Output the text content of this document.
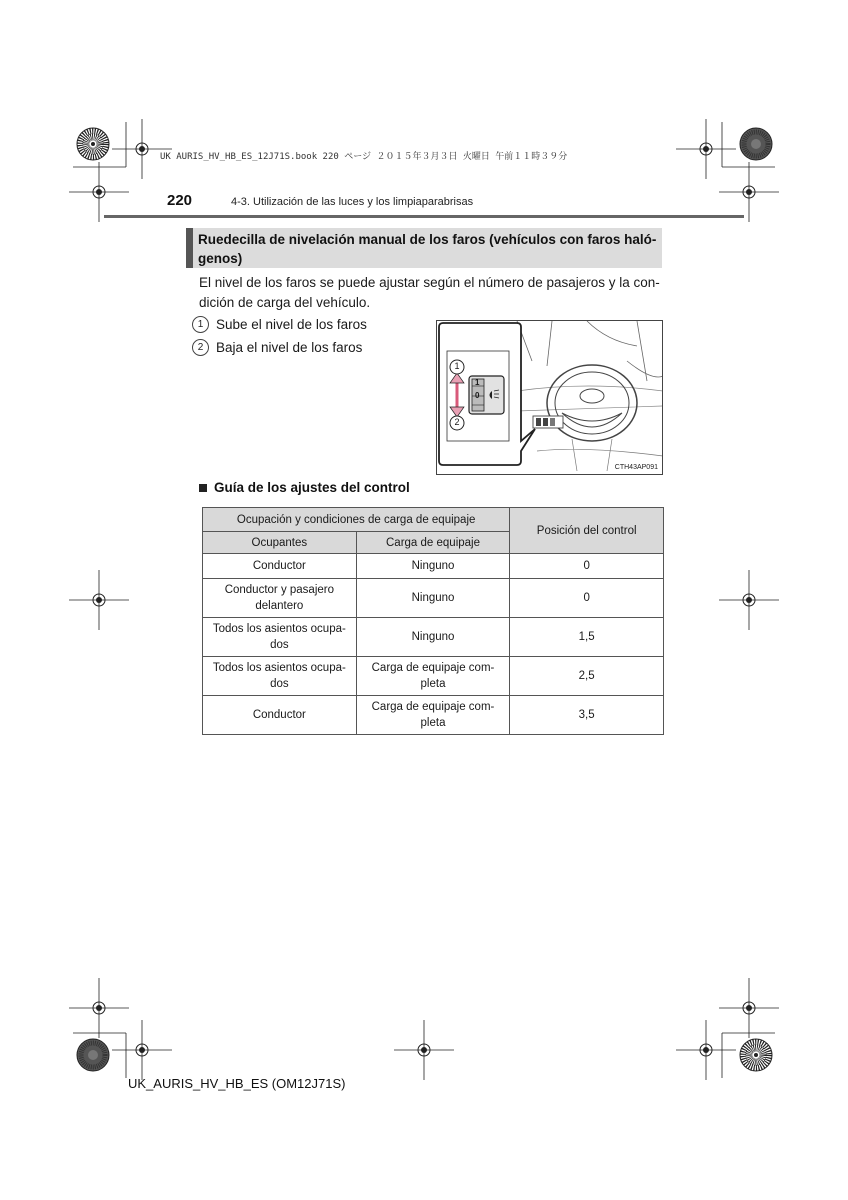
UK AURIS_HV_HB_ES_12J71S.book 220 ページ ２０１５年３月３日 火曜日 午前１１時３９分
220	4-3. Utilización de las luces y los limpiaparabrisas
Ruedecilla de nivelación manual de los faros (vehículos con faros haló-genos)
El nivel de los faros se puede ajustar según el número de pasajeros y la con-dición de carga del vehículo.
1 Sube el nivel de los faros
2 Baja el nivel de los faros
1
2
1
0
CTH43AP091
Guía de los ajustes del control
Ocupación y condiciones de carga de equipaje		Posición del control
Ocupantes	Carga de equipaje	
Conductor	Ninguno	0
Conductor y pasajero delantero	Ninguno	0
Todos los asientos ocupa-dos	Ninguno	1,5
Todos los asientos ocupa-dos	Carga de equipaje com-pleta	2,5
Conductor	Carga de equipaje com-pleta	3,5
UK_AURIS_HV_HB_ES (OM12J71S)
